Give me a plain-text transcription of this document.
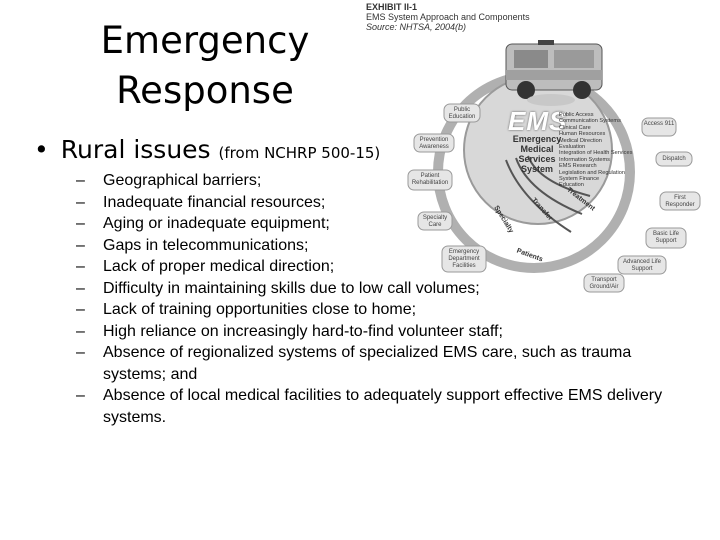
Emergency
Response
EXHIBIT II-1
EMS System Approach and Components
Source: NHTSA, 2004(b)
EMS
Emergency
Medical
Services
System
Public Access
Communication Systems
Clinical Care
Human Resources
Medical Direction
Evaluation
Integration of Health Services
Information Systems
EMS Research
Legislation and Regulation
System Finance
Education
Public Education
Access 911
Prevention Awareness
Dispatch
Patient Rehabilitation
First Responder
Specialty Care
Basic Life Support
Emergency Department Facilities
Advanced Life Support
Transport Ground/Air
Treatment
Transfer
Specialty
Patients
• Rural issues (from NCHRP 500-15)
– Geographical barriers;
– Inadequate financial resources;
– Aging or inadequate equipment;
– Gaps in telecommunications;
– Lack of proper medical direction;
– Difficulty in maintaining skills due to low call volumes;
– Lack of training opportunities close to home;
– High reliance on increasingly hard-to-find volunteer staff;
– Absence of regionalized systems of specialized EMS care, such as trauma systems; and
– Absence of local medical facilities to adequately support effective EMS delivery systems.
